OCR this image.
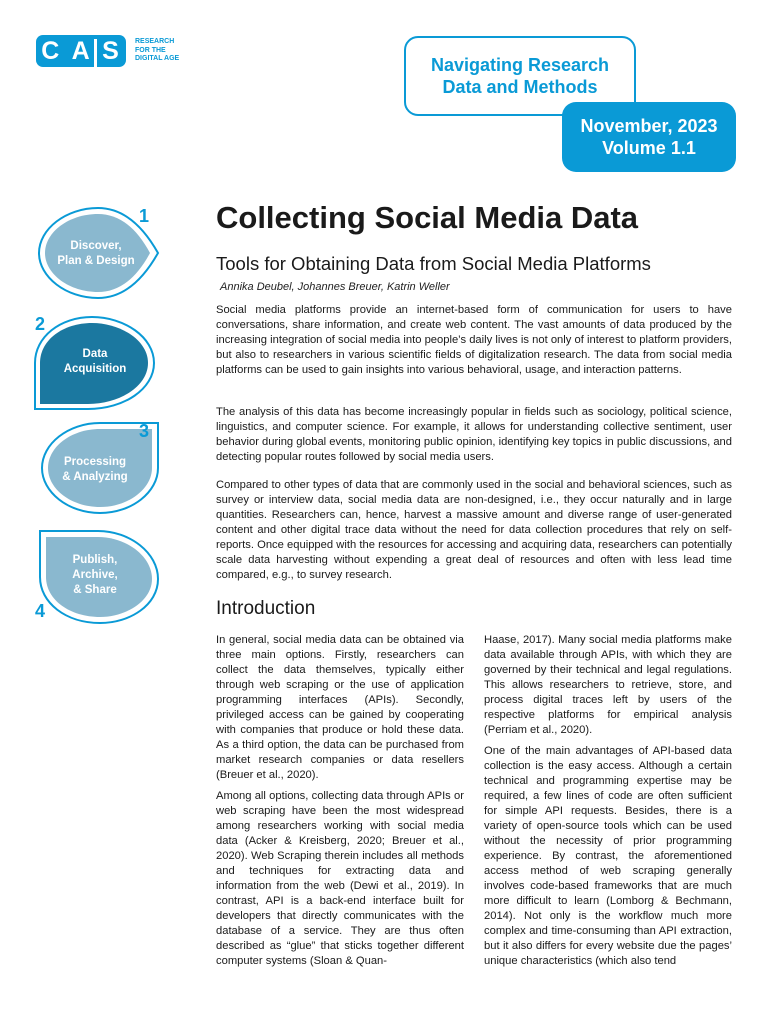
C A S RESEARCH
FOR THE
DIGITAL AGE	Navigating Research Data and Methods
November, 2023
Volume 1.1
Discover,
Plan & Design
1
Data
Acquisition
2
Processing
& Analyzing
3
Publish,
Archive,
& Share
4
Collecting Social Media Data
Tools for Obtaining Data from Social Media Platforms
Annika Deubel, Johannes Breuer, Katrin Weller

Social media platforms provide an internet-based form of communication for users to have conversations, share information, and create web content. The vast amounts of data produced by the increasing integration of social media into people’s daily lives is not only of interest to platform providers, but also to researchers in various scientific fields of digitalization research. The data from social media platforms can be used to gain insights into various behavioral, usage, and interaction patterns.

The analysis of this data has become increasingly popular in fields such as sociology, political science, linguistics, and computer science. For example, it allows for understanding collective sentiment, user behavior during global events, monitoring public opinion, identifying key topics in public discussions, and detecting popular routes followed by social media users.

Compared to other types of data that are commonly used in the social and behavioral sciences, such as survey or interview data, social media data are non-designed, i.e., they occur naturally and in large quantities. Researchers can, hence, harvest a massive amount and diverse range of user-generated content and other digital trace data without the need for data collection procedures that rely on self-reports. Once equipped with the resources for accessing and acquiring data, researchers can potentially scale data harvesting without expending a great deal of resources and often with less lead time compared, e.g., to survey research.

Introduction

In general, social media data can be obtained via three main options. Firstly, researchers can collect the data themselves, typically either through web scraping or the use of application programming interfaces (APIs). Secondly, privileged access can be gained by cooperating with companies that produce or hold these data. As a third option, the data can be purchased from market research companies or data resellers (Breuer et al., 2020).

Among all options, collecting data through APIs or web scraping have been the most widespread among researchers working with social media data (Acker & Kreisberg, 2020; Breuer et al., 2020). Web Scraping therein includes all methods and techniques for extracting data and information from the web (Dewi et al., 2019). In contrast, API is a back-end interface built for developers that directly communicates with the database of a service. They are thus often described as “glue” that sticks together different computer systems (Sloan & Quan-

Haase, 2017). Many social media platforms make data available through APIs, with which they are governed by their technical and legal regulations. This allows researchers to retrieve, store, and process digital traces left by users of the respective platforms for empirical analysis (Perriam et al., 2020).

One of the main advantages of API-based data collection is the easy access. Although a certain technical and programming expertise may be required, a few lines of code are often sufficient for simple API requests. Besides, there is a variety of open-source tools which can be used without the necessity of prior programming experience. By contrast, the aforementioned access method of web scraping generally involves code-based frameworks that are much more difficult to learn (Lomborg & Bechmann, 2014). Not only is the workflow much more complex and time-consuming than API extraction, but it also differs for every website due the pages’ unique characteristics (which also tend
